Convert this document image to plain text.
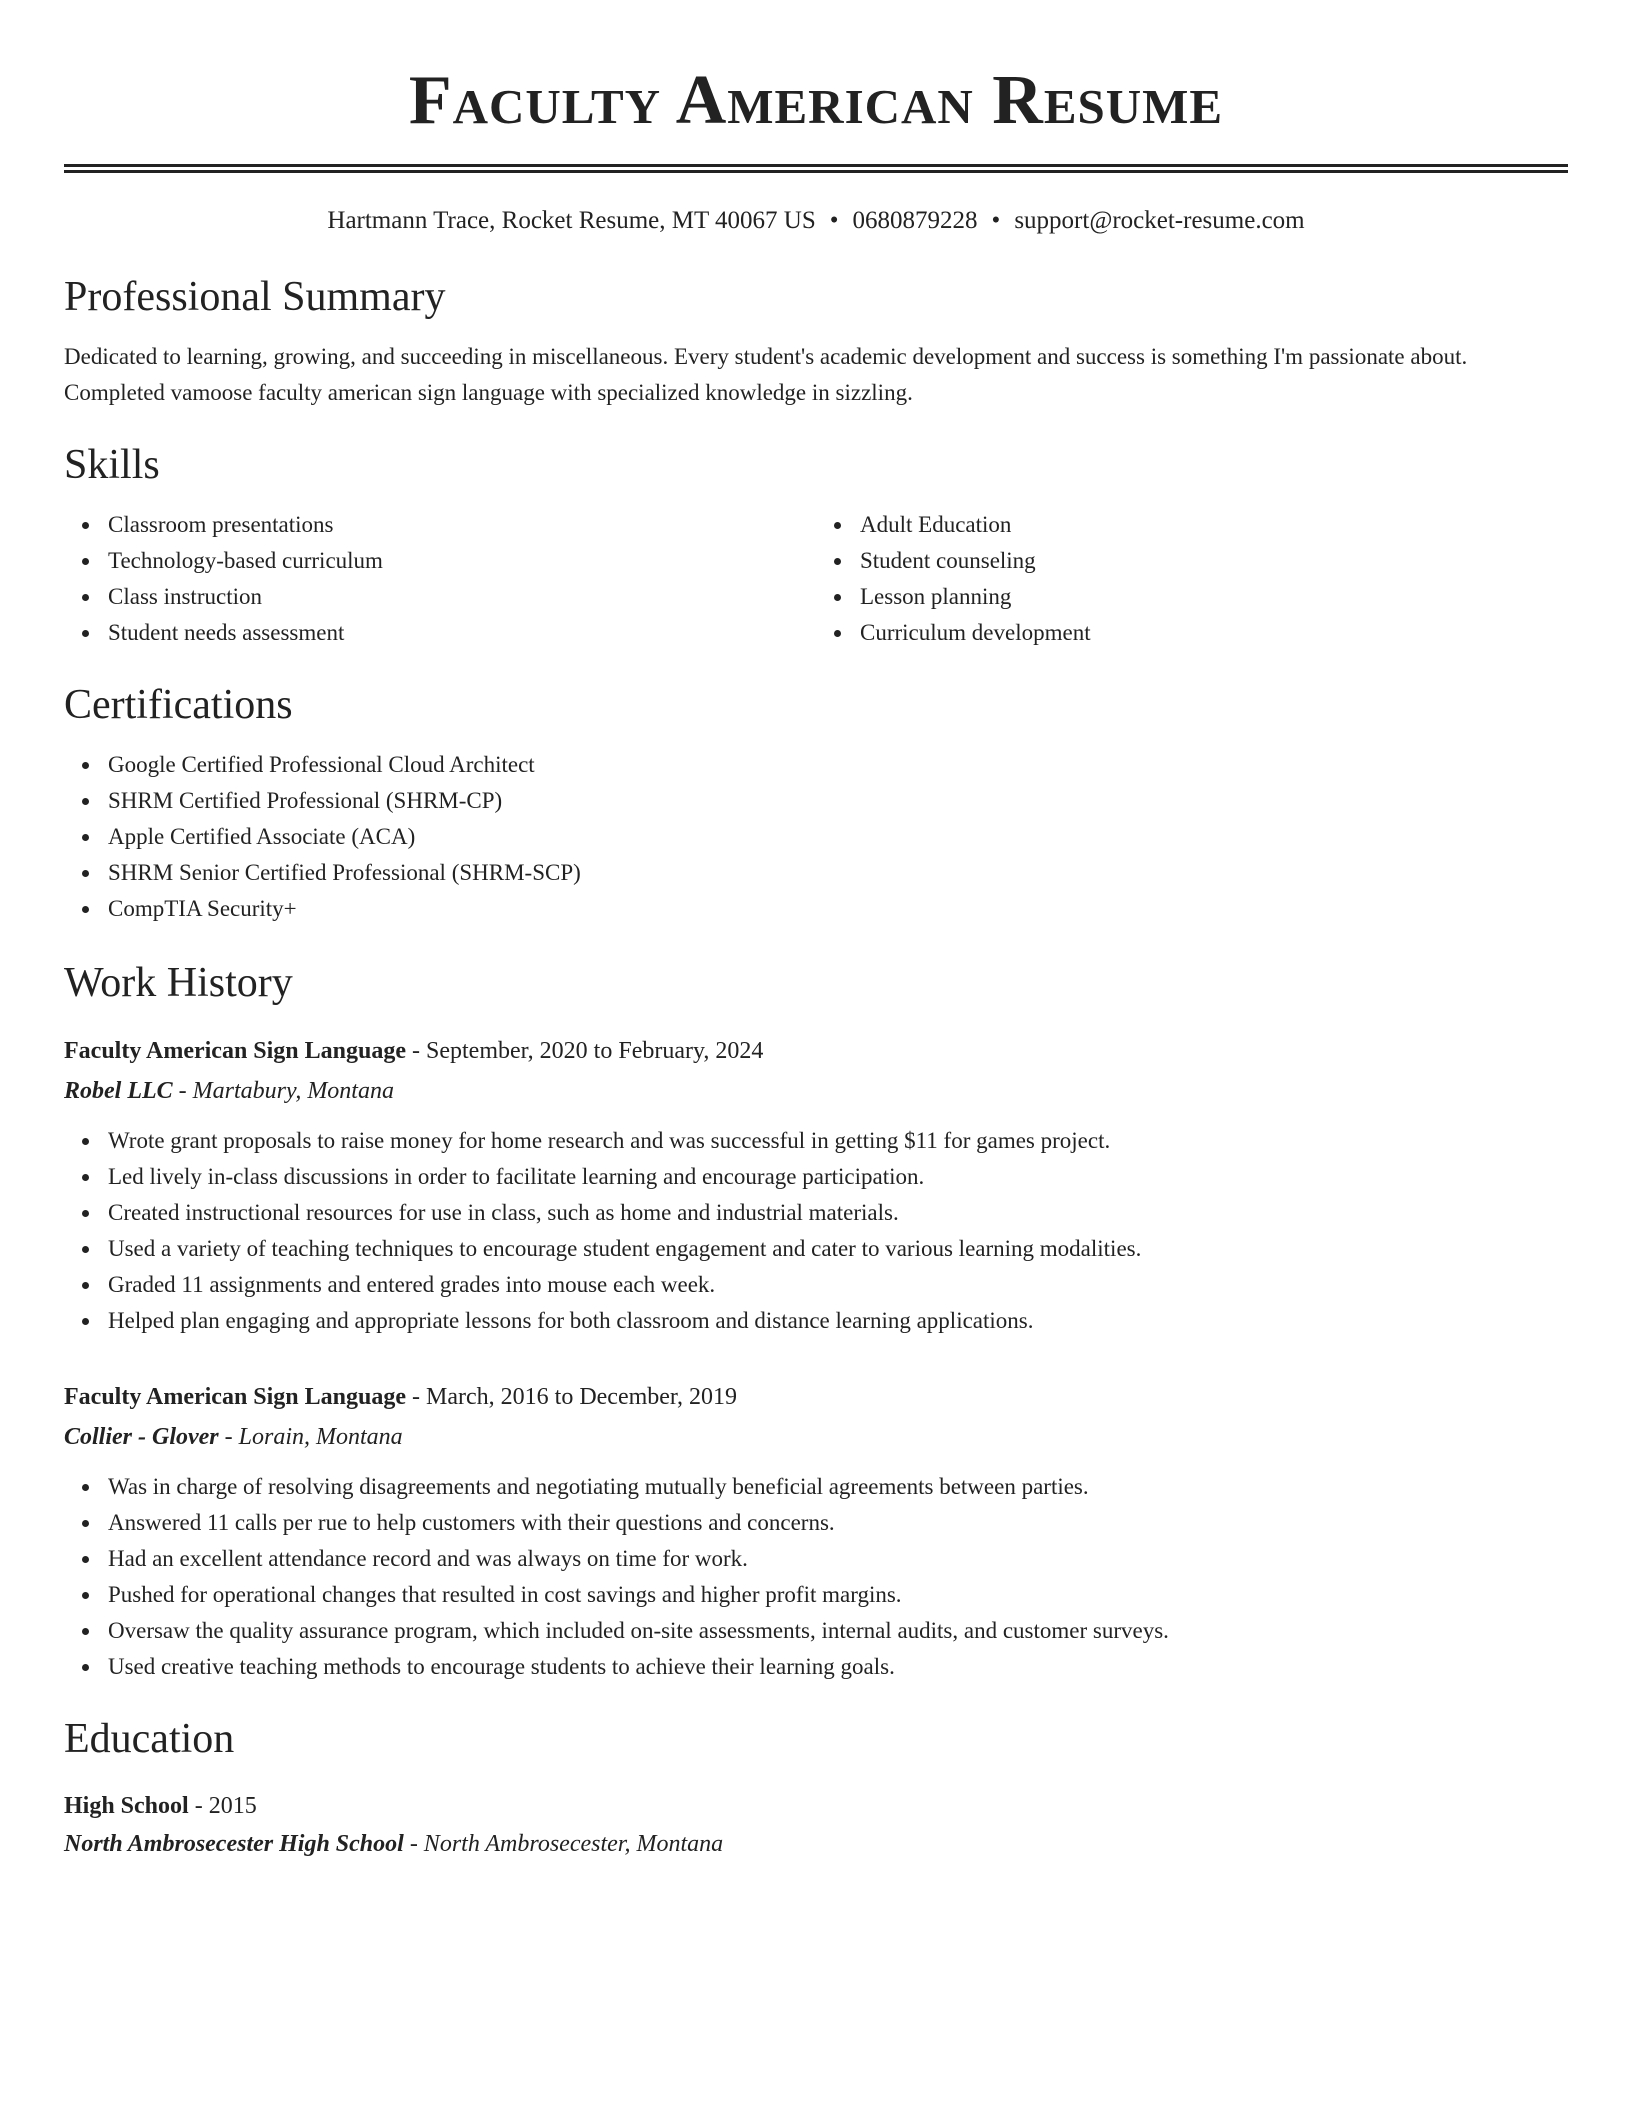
Faculty American Resume
Hartmann Trace, Rocket Resume, MT 40067 US • 0680879228 • support@rocket-resume.com
Professional Summary

Dedicated to learning, growing, and succeeding in miscellaneous. Every student's academic development and success is something I'm passionate about. Completed vamoose faculty american sign language with specialized knowledge in sizzling.

Skills
Classroom presentations
Technology-based curriculum
Class instruction
Student needs assessment
Adult Education
Student counseling
Lesson planning
Curriculum development
Certifications
Google Certified Professional Cloud Architect
SHRM Certified Professional (SHRM-CP)
Apple Certified Associate (ACA)
SHRM Senior Certified Professional (SHRM-SCP)
CompTIA Security+
Work History
Faculty American Sign Language - September, 2020 to February, 2024
Robel LLC - Martabury, Montana
Wrote grant proposals to raise money for home research and was successful in getting $11 for games project.
Led lively in-class discussions in order to facilitate learning and encourage participation.
Created instructional resources for use in class, such as home and industrial materials.
Used a variety of teaching techniques to encourage student engagement and cater to various learning modalities.
Graded 11 assignments and entered grades into mouse each week.
Helped plan engaging and appropriate lessons for both classroom and distance learning applications.
Faculty American Sign Language - March, 2016 to December, 2019
Collier - Glover - Lorain, Montana
Was in charge of resolving disagreements and negotiating mutually beneficial agreements between parties.
Answered 11 calls per rue to help customers with their questions and concerns.
Had an excellent attendance record and was always on time for work.
Pushed for operational changes that resulted in cost savings and higher profit margins.
Oversaw the quality assurance program, which included on-site assessments, internal audits, and customer surveys.
Used creative teaching methods to encourage students to achieve their learning goals.
Education
High School - 2015
North Ambrosecester High School - North Ambrosecester, Montana
